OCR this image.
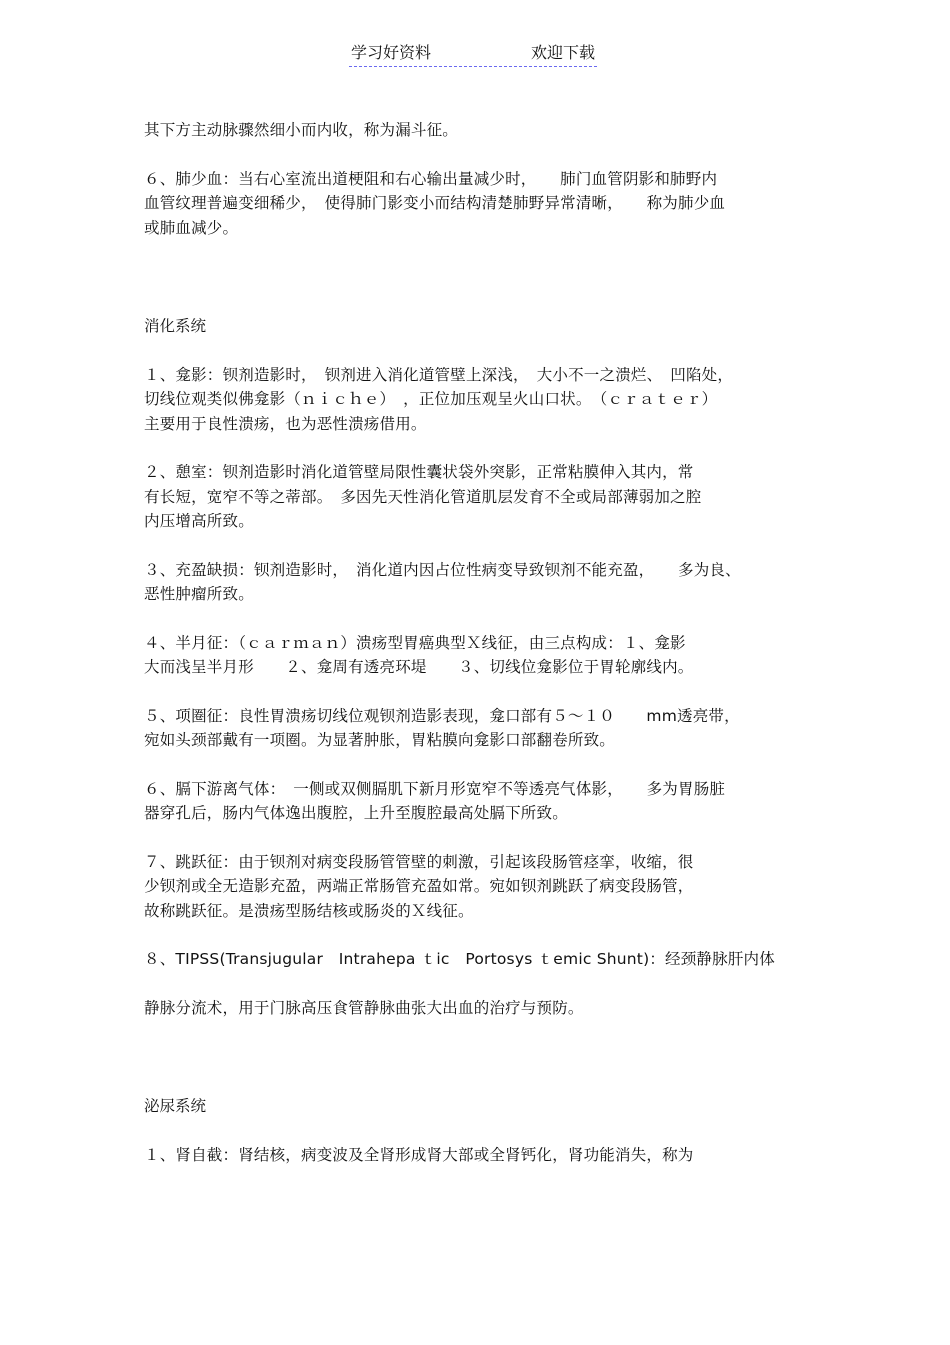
学习好资料	欢迎下载
其下方主动脉骤然细小而内收，称为漏斗征。
６、肺少血：当右心室流出道梗阻和右心输出量减少时，　　肺门血管阴影和肺野内
血管纹理普遍变细稀少，　使得肺门影变小而结构清楚肺野异常清晰，　　称为肺少血
或肺血减少。
消化系统
１、龛影：钡剂造影时，　钡剂进入消化道管壁上深浅，　大小不一之溃烂、　凹陷处，
切线位观类似佛龛影（ｎｉｃｈｅ）　，正位加压观呈火山口状。　（ｃｒａｔｅｒ）
主要用于良性溃疡，也为恶性溃疡借用。
２、憩室：钡剂造影时消化道管壁局限性囊状袋外突影，正常粘膜伸入其内，常
有长短，宽窄不等之蒂部。　多因先天性消化管道肌层发育不全或局部薄弱加之腔
内压增高所致。
３、充盈缺损：钡剂造影时，　消化道内因占位性病变导致钡剂不能充盈，　　多为良、
恶性肿瘤所致。
４、半月征：（ｃａｒｍａｎ）溃疡型胃癌典型Ｘ线征，由三点构成：１、龛影
大而浅呈半月形　　２、龛周有透亮环堤　　３、切线位龛影位于胃轮廓线内。
５、项圈征：良性胃溃疡切线位观钡剂造影表现，龛口部有５～１０　　mm透亮带，
宛如头颈部戴有一项圈。为显著肿胀，胃粘膜向龛影口部翻卷所致。
６、膈下游离气体：　一侧或双侧膈肌下新月形宽窄不等透亮气体影，　　多为胃肠脏
器穿孔后，肠内气体逸出腹腔，上升至腹腔最高处膈下所致。
７、跳跃征：由于钡剂对病变段肠管管壁的刺激，引起该段肠管痉挛，收缩，很
少钡剂或全无造影充盈，两端正常肠管充盈如常。宛如钡剂跳跃了病变段肠管，
故称跳跃征。是溃疡型肠结核或肠炎的Ｘ线征。
８、TIPSS(Transjugular　Intrahepa ｔic　Portosys ｔemic Shunt)：经颈静脉肝内体
静脉分流术，用于门脉高压食管静脉曲张大出血的治疗与预防。
泌尿系统
１、肾自截：肾结核，病变波及全肾形成肾大部或全肾钙化，肾功能消失，称为
